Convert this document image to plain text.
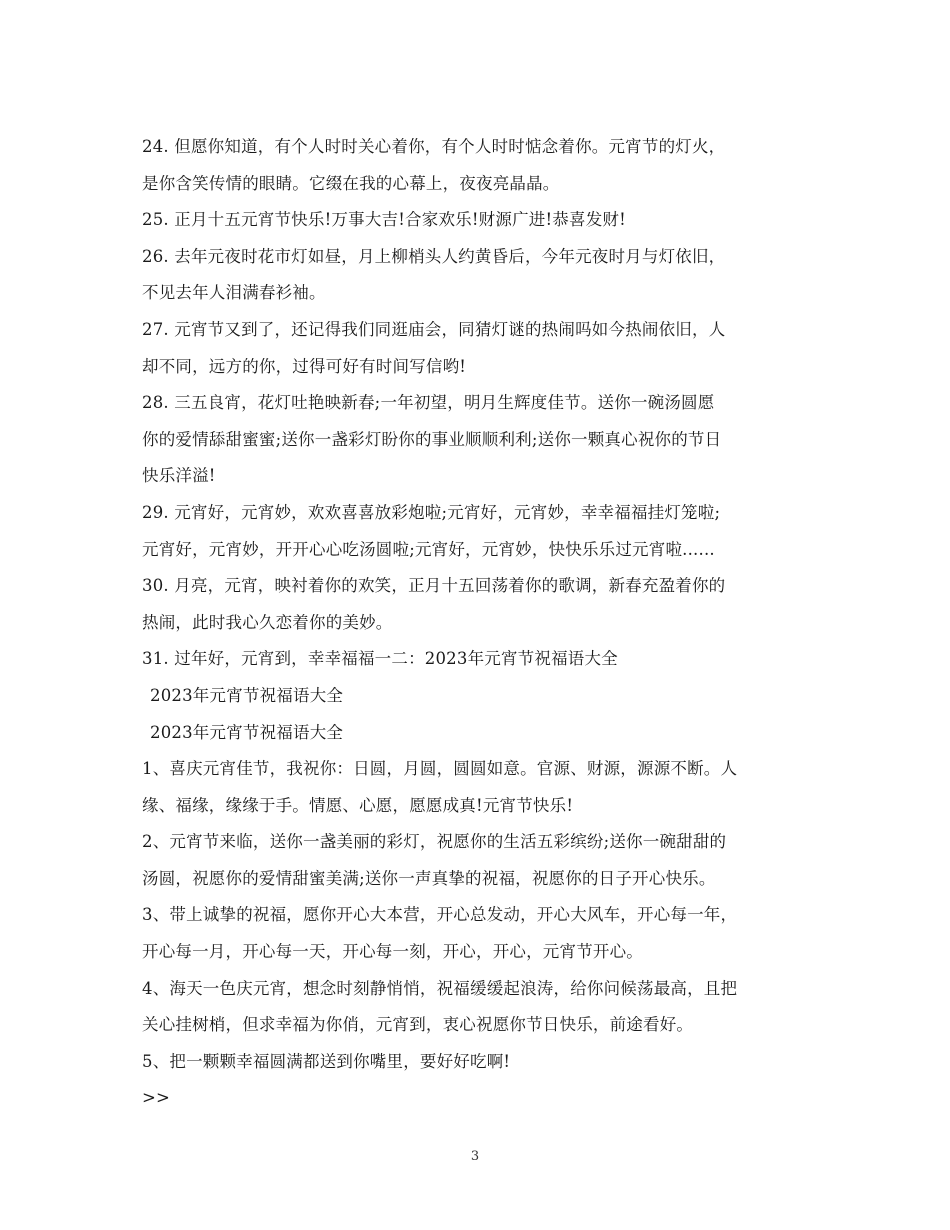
24. 但愿你知道，有个人时时关心着你，有个人时时惦念着你。元宵节的灯火，
是你含笑传情的眼睛。它缀在我的心幕上，夜夜亮晶晶。
25. 正月十五元宵节快乐!万事大吉!合家欢乐!财源广进!恭喜发财!
26. 去年元夜时花市灯如昼，月上柳梢头人约黄昏后，今年元夜时月与灯依旧，
不见去年人泪满春衫袖。
27. 元宵节又到了，还记得我们同逛庙会，同猜灯谜的热闹吗如今热闹依旧，人
却不同，远方的你，过得可好有时间写信哟!
28. 三五良宵，花灯吐艳映新春;一年初望，明月生辉度佳节。送你一碗汤圆愿
你的爱情舔甜蜜蜜;送你一盏彩灯盼你的事业顺顺利利;送你一颗真心祝你的节日
快乐洋溢!
29. 元宵好，元宵妙，欢欢喜喜放彩炮啦;元宵好，元宵妙，幸幸福福挂灯笼啦;
元宵好，元宵妙，开开心心吃汤圆啦;元宵好，元宵妙，快快乐乐过元宵啦......
30. 月亮，元宵，映衬着你的欢笑，正月十五回荡着你的歌调，新春充盈着你的
热闹，此时我心久恋着你的美妙。
31. 过年好，元宵到，幸幸福福一二：2023年元宵节祝福语大全
2023年元宵节祝福语大全
2023年元宵节祝福语大全
1、喜庆元宵佳节，我祝你：日圆，月圆，圆圆如意。官源、财源，源源不断。人
缘、福缘，缘缘于手。情愿、心愿，愿愿成真!元宵节快乐!
2、元宵节来临，送你一盏美丽的彩灯，祝愿你的生活五彩缤纷;送你一碗甜甜的
汤圆，祝愿你的爱情甜蜜美满;送你一声真挚的祝福，祝愿你的日子开心快乐。
3、带上诚挚的祝福，愿你开心大本营，开心总发动，开心大风车，开心每一年，
开心每一月，开心每一天，开心每一刻，开心，开心，元宵节开心。
4、海天一色庆元宵，想念时刻静悄悄，祝福缓缓起浪涛，给你问候荡最高，且把
关心挂树梢，但求幸福为你俏，元宵到，衷心祝愿你节日快乐，前途看好。
5、把一颗颗幸福圆满都送到你嘴里，要好好吃啊!
>>
3
